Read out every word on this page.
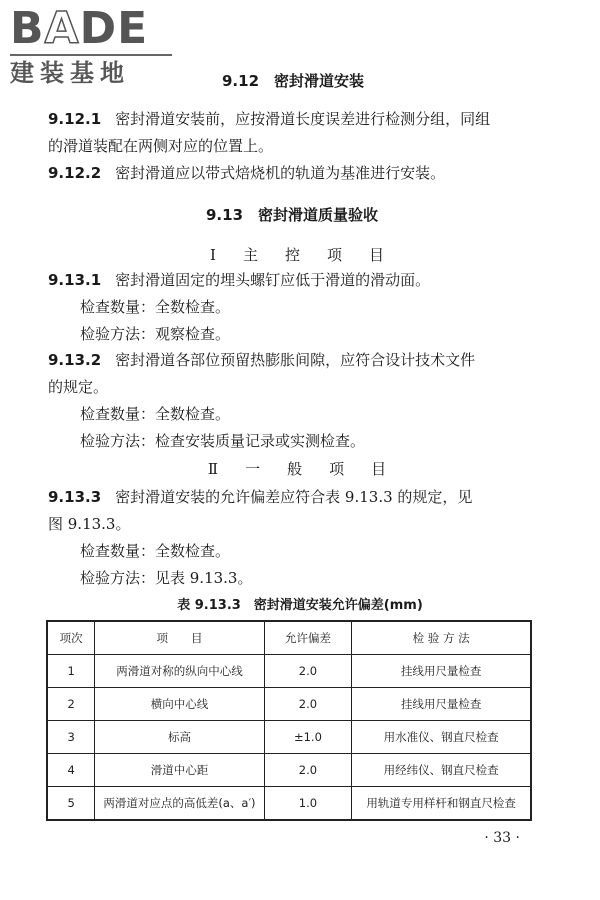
BADE
建装基地	9.12　密封滑道安装
9.12.1 密封滑道安装前，应按滑道长度误差进行检测分组，同组
的滑道装配在两侧对应的位置上。
9.12.2 密封滑道应以带式焙烧机的轨道为基准进行安装。
9.13　密封滑道质量验收
Ⅰ　主　控　项　目
9.13.1 密封滑道固定的埋头螺钉应低于滑道的滑动面。
检查数量：全数检查。
检验方法：观察检查。
9.13.2 密封滑道各部位预留热膨胀间隙，应符合设计技术文件
的规定。
检查数量：全数检查。
检验方法：检查安装质量记录或实测检查。
Ⅱ　一　般　项　目
9.13.3 密封滑道安装的允许偏差应符合表 9.13.3 的规定，见
图 9.13.3。
检查数量：全数检查。
检验方法：见表 9.13.3。
表 9.13.3　密封滑道安装允许偏差(mm)
项次	项　　目	允许偏差	检 验 方 法
1	两滑道对称的纵向中心线	2.0	挂线用尺量检查
2	横向中心线	2.0	挂线用尺量检查
3	标高	±1.0	用水准仪、钢直尺检查
4	滑道中心距	2.0	用经纬仪、钢直尺检查
5	两滑道对应点的高低差(a、a′)	1.0	用轨道专用样杆和钢直尺检查
· 33 ·
